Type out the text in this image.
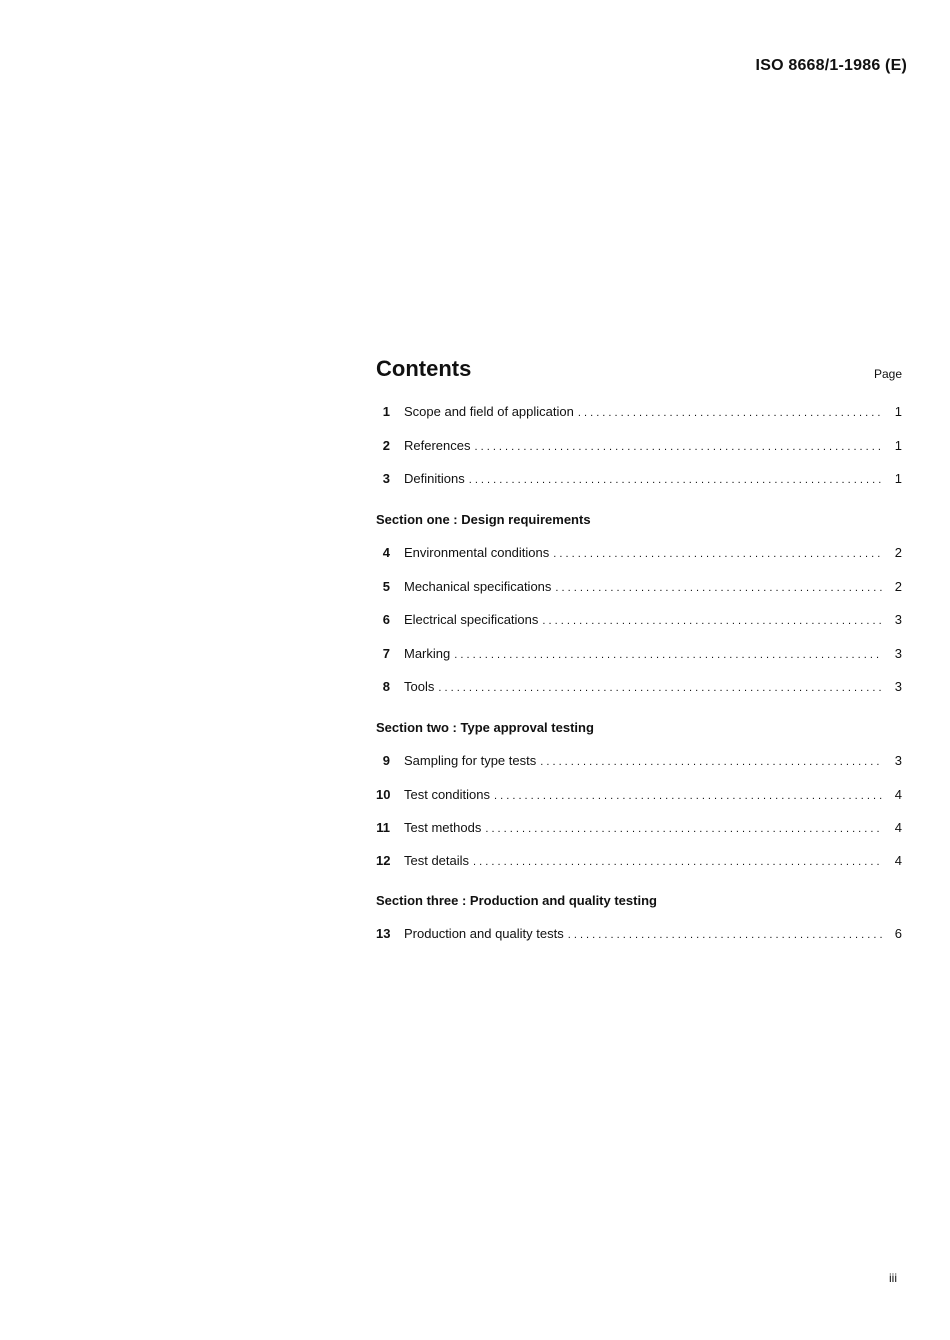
ISO 8668/1-1986 (E)
Contents	Page
1 Scope and field of application . . .	1
2 References . . .	1
3 Definitions . . .	1
Section one : Design requirements
4 Environmental conditions . . .	2
5 Mechanical specifications . . .	2
6 Electrical specifications . . .	3
7 Marking . . .	3
8 Tools . . .	3
Section two : Type approval testing
9 Sampling for type tests . . .	3
10 Test conditions . . .	4
11 Test methods . . .	4
12 Test details . . .	4
Section three : Production and quality testing
13 Production and quality tests . . .	6
iii
